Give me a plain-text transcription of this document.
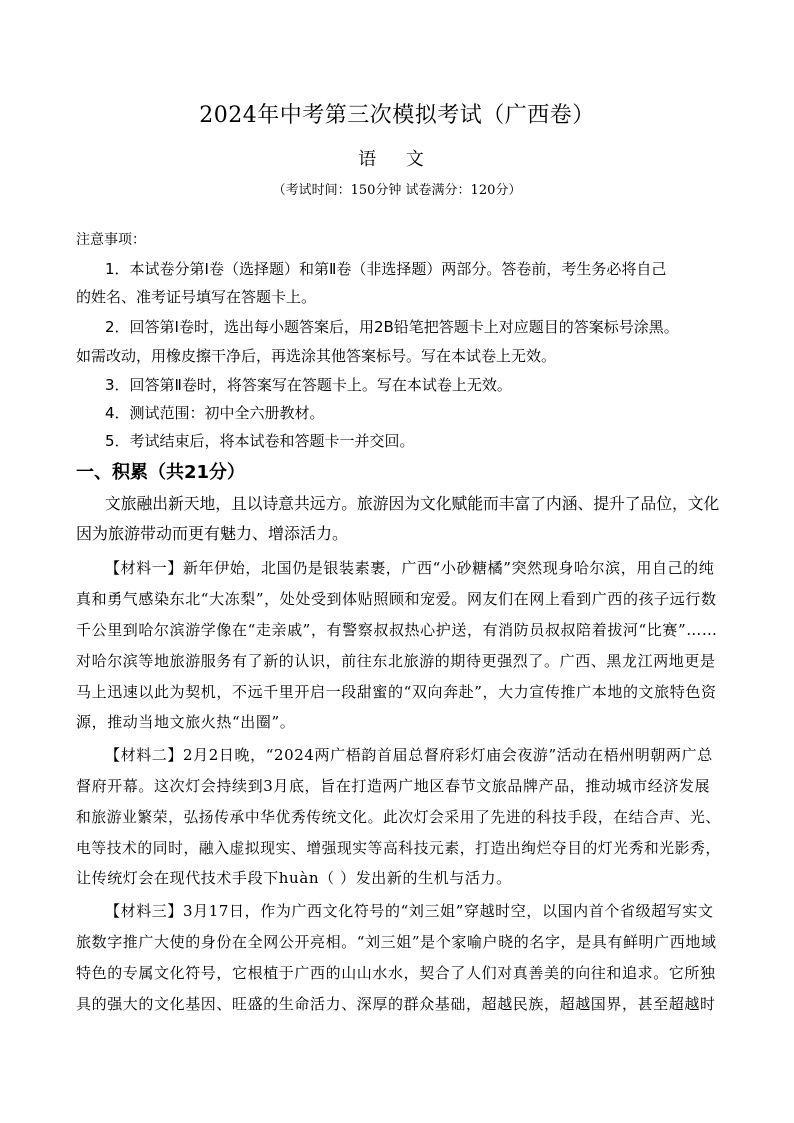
2024年中考第三次模拟考试（广西卷）
语 文
（考试时间：150分钟 试卷满分：120分）
注意事项：
1．本试卷分第Ⅰ卷（选择题）和第Ⅱ卷（非选择题）两部分。答卷前，考生务必将自己
的姓名、准考证号填写在答题卡上。
2．回答第Ⅰ卷时，选出每小题答案后，用2B铅笔把答题卡上对应题目的答案标号涂黑。
如需改动，用橡皮擦干净后，再选涂其他答案标号。写在本试卷上无效。
3．回答第Ⅱ卷时，将答案写在答题卡上。写在本试卷上无效。
4．测试范围：初中全六册教材。
5．考试结束后，将本试卷和答题卡一并交回。
一、积累（共21分）
文旅融出新天地，且以诗意共远方。旅游因为文化赋能而丰富了内涵、提升了品位，文化
因为旅游带动而更有魅力、增添活力。
【材料一】新年伊始，北国仍是银装素裹，广西“小砂糖橘”突然现身哈尔滨，用自己的纯
真和勇气感染东北“大冻梨”，处处受到体贴照顾和宠爱。网友们在网上看到广西的孩子远行数
千公里到哈尔滨游学像在“走亲戚”，有警察叔叔热心护送，有消防员叔叔陪着拔河“比赛”……
对哈尔滨等地旅游服务有了新的认识，前往东北旅游的期待更强烈了。广西、黑龙江两地更是
马上迅速以此为契机，不远千里开启一段甜蜜的“双向奔赴”，大力宣传推广本地的文旅特色资
源，推动当地文旅火热“出圈”。
【材料二】2月2日晚，“2024两广梧韵首届总督府彩灯庙会夜游”活动在梧州明朝两广总
督府开幕。这次灯会持续到3月底，旨在打造两广地区春节文旅品牌产品，推动城市经济发展
和旅游业繁荣，弘扬传承中华优秀传统文化。此次灯会采用了先进的科技手段，在结合声、光、
电等技术的同时，融入虚拟现实、增强现实等高科技元素，打造出绚烂夺目的灯光秀和光影秀，
让传统灯会在现代技术手段下huàn（ ）发出新的生机与活力。
【材料三】3月17日，作为广西文化符号的“刘三姐”穿越时空，以国内首个省级超写实文
旅数字推广大使的身份在全网公开亮相。“刘三姐”是个家喻户晓的名字，是具有鲜明广西地域
特色的专属文化符号，它根植于广西的山山水水，契合了人们对真善美的向往和追求。它所独
具的强大的文化基因、旺盛的生命活力、深厚的群众基础，超越民族，超越国界，甚至超越时
